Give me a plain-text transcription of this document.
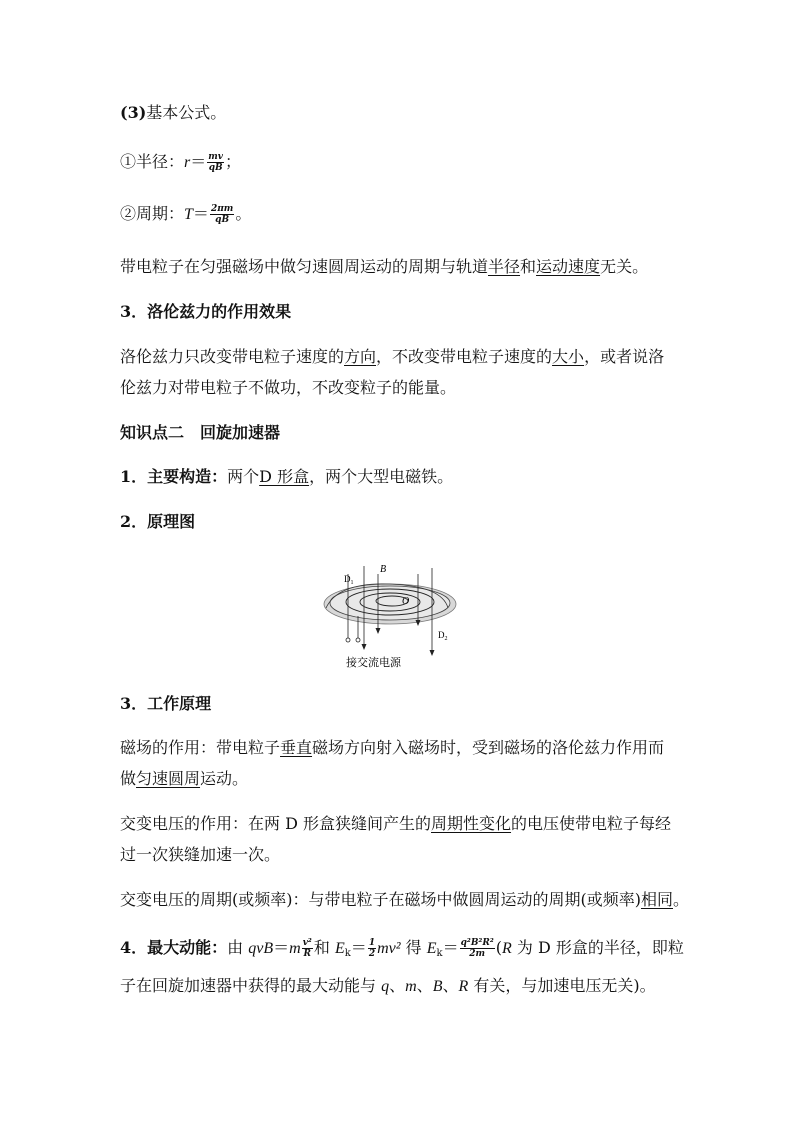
(3)基本公式。
①半径：$r= \frac{mv}{qB}$ ；
②周期：$T= \frac{2\pi m}{qB}$ 。
带电粒子在匀强磁场中做匀速圆周运动的周期与轨道半径和运动速度无关。
3．洛伦兹力的作用效果
洛伦兹力只改变带电粒子速度的方向，不改变带电粒子速度的大小，或者说洛
伦兹力对带电粒子不做功，不改变粒子的能量。
知识点二　回旋加速器
1．主要构造：两个D 形盒，两个大型电磁铁。
2．原理图
$D_1$
B
O
$D_2$
接交流电源
3．工作原理
磁场的作用：带电粒子垂直磁场方向射入磁场时，受到磁场的洛伦兹力作用而
做匀速圆周运动。
交变电压的作用：在两 D 形盒狭缝间产生的周期性变化的电压使带电粒子每经
过一次狭缝加速一次。
交变电压的周期(或频率)：与带电粒子在磁场中做圆周运动的周期(或频率)相同。
4．最大动能：由 $qvB=m \frac{\text{v²}}{R}$ 和 $E_k= \frac{1}{2} mv^2$ 得 $E_k= \frac{\text{q²B²R²}}{2m} (R$ 为 D 形盒的半径，即粒
子在回旋加速器中获得的最大动能与 q、m、B、R 有关，与加速电压无关)。
